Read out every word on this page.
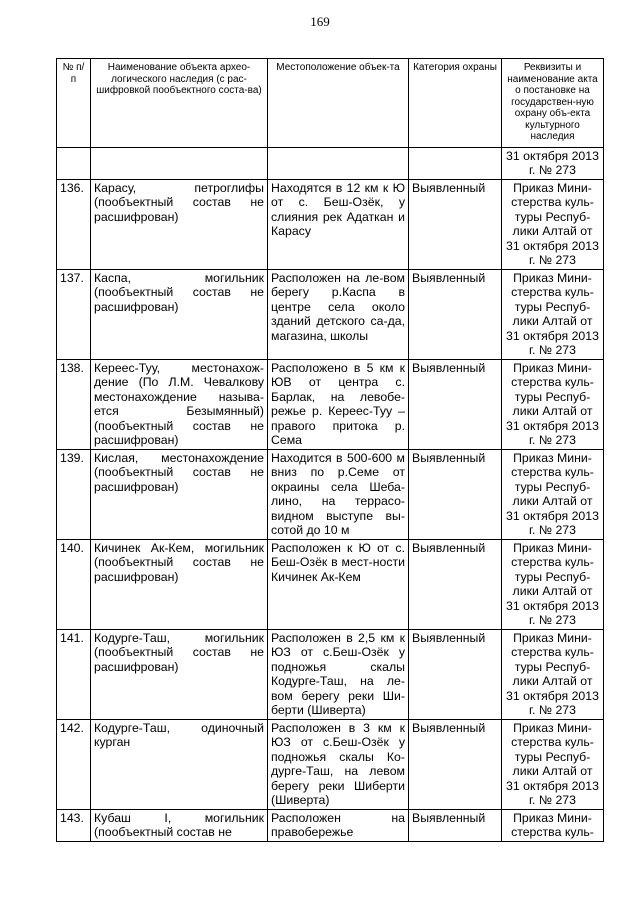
169
№ п/п	Наименование объекта архео-логического наследия (с рас-шифровкой пообъектного соста-ва)	Местоположение объек-та	Категория охраны	Реквизиты и наименование акта о постановке на государствен-ную охрану объ-екта культурного наследия
				31 октября 2013 г. № 273
136.	Карасу, петроглифы (пообъектный состав не расшифрован)	Находятся в 12 км к Ю от с. Беш-Озёк, у слияния рек Адаткан и Карасу	Выявленный	Приказ Мини-стерства куль-туры Респуб-лики Алтай от 31 октября 2013 г. № 273
137.	Каспа, могильник (пообъектный состав не расшифрован)	Расположен на ле-вом берегу р.Каспа в центре села около зданий детского са-да, магазина, школы	Выявленный	Приказ Мини-стерства куль-туры Респуб-лики Алтай от 31 октября 2013 г. № 273
138.	Кереес-Туу, местонахож-дение (По Л.М. Чевалкову местонахождение называ-ется Безымянный) (пообъектный состав не расшифрован)	Расположено в 5 км к ЮВ от центра с. Барлак, на левобе-режье р. Кереес-Туу – правого притока р. Сема	Выявленный	Приказ Мини-стерства куль-туры Респуб-лики Алтай от 31 октября 2013 г. № 273
139.	Кислая, местонахождение (пообъектный состав не расшифрован)	Находится в 500-600 м вниз по р.Семе от окраины села Шеба-лино, на террасо-видном выступе вы-сотой до 10 м	Выявленный	Приказ Мини-стерства куль-туры Респуб-лики Алтай от 31 октября 2013 г. № 273
140.	Кичинек Ак-Кем, могильник (пообъектный состав не расшифрован)	Расположен к Ю от с. Беш-Озёк в мест-ности Кичинек Ак-Кем	Выявленный	Приказ Мини-стерства куль-туры Респуб-лики Алтай от 31 октября 2013 г. № 273
141.	Кодурге-Таш, могильник (пообъектный состав не расшифрован)	Расположен в 2,5 км к ЮЗ от с.Беш-Озёк у подножья скалы Кодурге-Таш, на ле-вом берегу реки Ши-берти (Шиверта)	Выявленный	Приказ Мини-стерства куль-туры Респуб-лики Алтай от 31 октября 2013 г. № 273
142.	Кодурге-Таш, одиночный курган	Расположен в 3 км к ЮЗ от с.Беш-Озёк у подножья скалы Ко-дурге-Таш, на левом берегу реки Шиберти (Шиверта)	Выявленный	Приказ Мини-стерства куль-туры Респуб-лики Алтай от 31 октября 2013 г. № 273
143.	Кубаш I, могильник (пообъектный состав не	Расположен на правобережье	Выявленный	Приказ Мини-стерства куль-
